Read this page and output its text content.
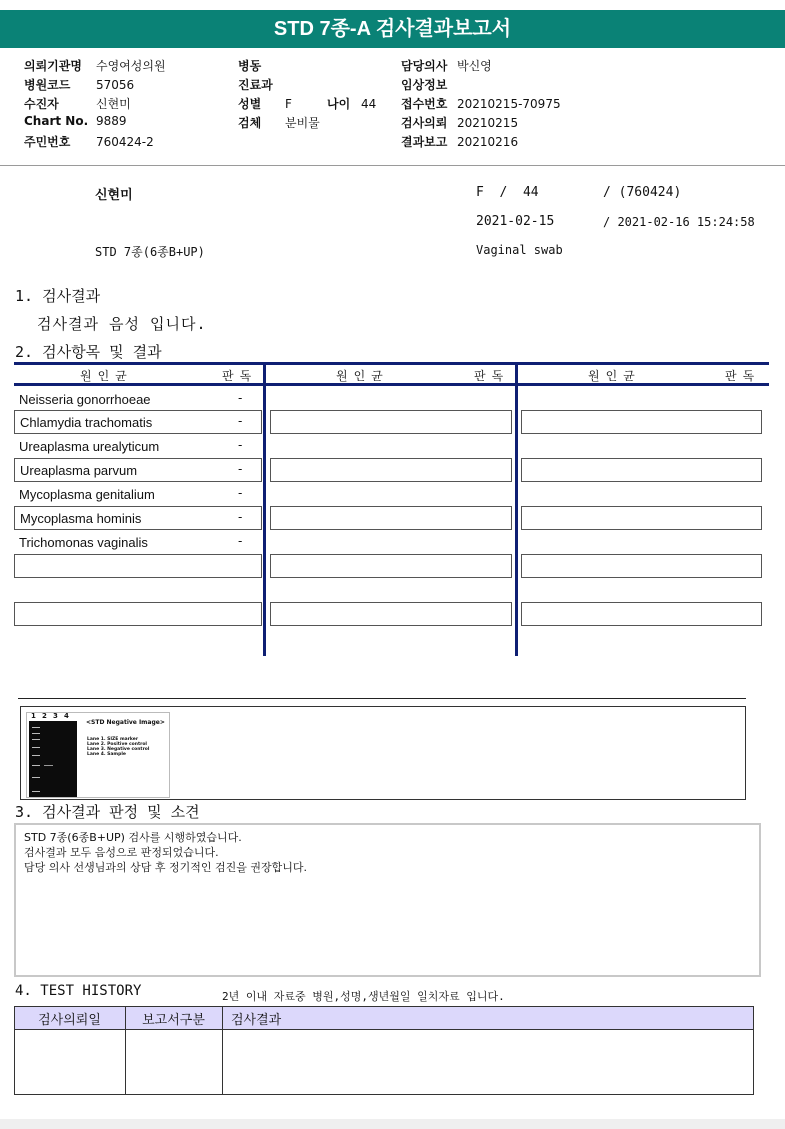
STD 7종-A 검사결과보고서
의뢰기관명 수영여성의원
병원코드 57056
수진자	신현미
Chart No. 9889
주민번호 760424-2
병동
진료과
성별 F	나이 44
검체 분비물
담당의사 박신영
임상정보
접수번호 20210215-70975
검사의뢰 20210215
결과보고 20210216
신현미	F  /  44	/ (760424)
2021-02-15	/ 2021-02-16 15:24:58
STD 7종(6종B+UP)	Vaginal swab
1. 검사결과
검사결과 음성 입니다.
2. 검사항목 및 결과
원인균	판독	원인균	판독	원인균	판독
Neisseria gonorrhoeae	-
Chlamydia trachomatis	-
Ureaplasma urealyticum	-
Ureaplasma parvum	-
Mycoplasma genitalium	-
Mycoplasma hominis	-
Trichomonas vaginalis	-
1 2 3 4
<STD Negative Image>
Lane 1. SIZE marker
Lane 2. Positive control
Lane 3. Negative control
Lane 4. Sample
3. 검사결과 판정 및 소견
STD 7종(6종B+UP) 검사를 시행하였습니다.
검사결과 모두 음성으로 판정되었습니다.
담당 의사 선생님과의 상담 후 정기적인 검진을 권장합니다.
4. TEST HISTORY	2년 이내 자료중 병원,성명,생년월일 일치자료 입니다.
검사의뢰일	보고서구분	검사결과
